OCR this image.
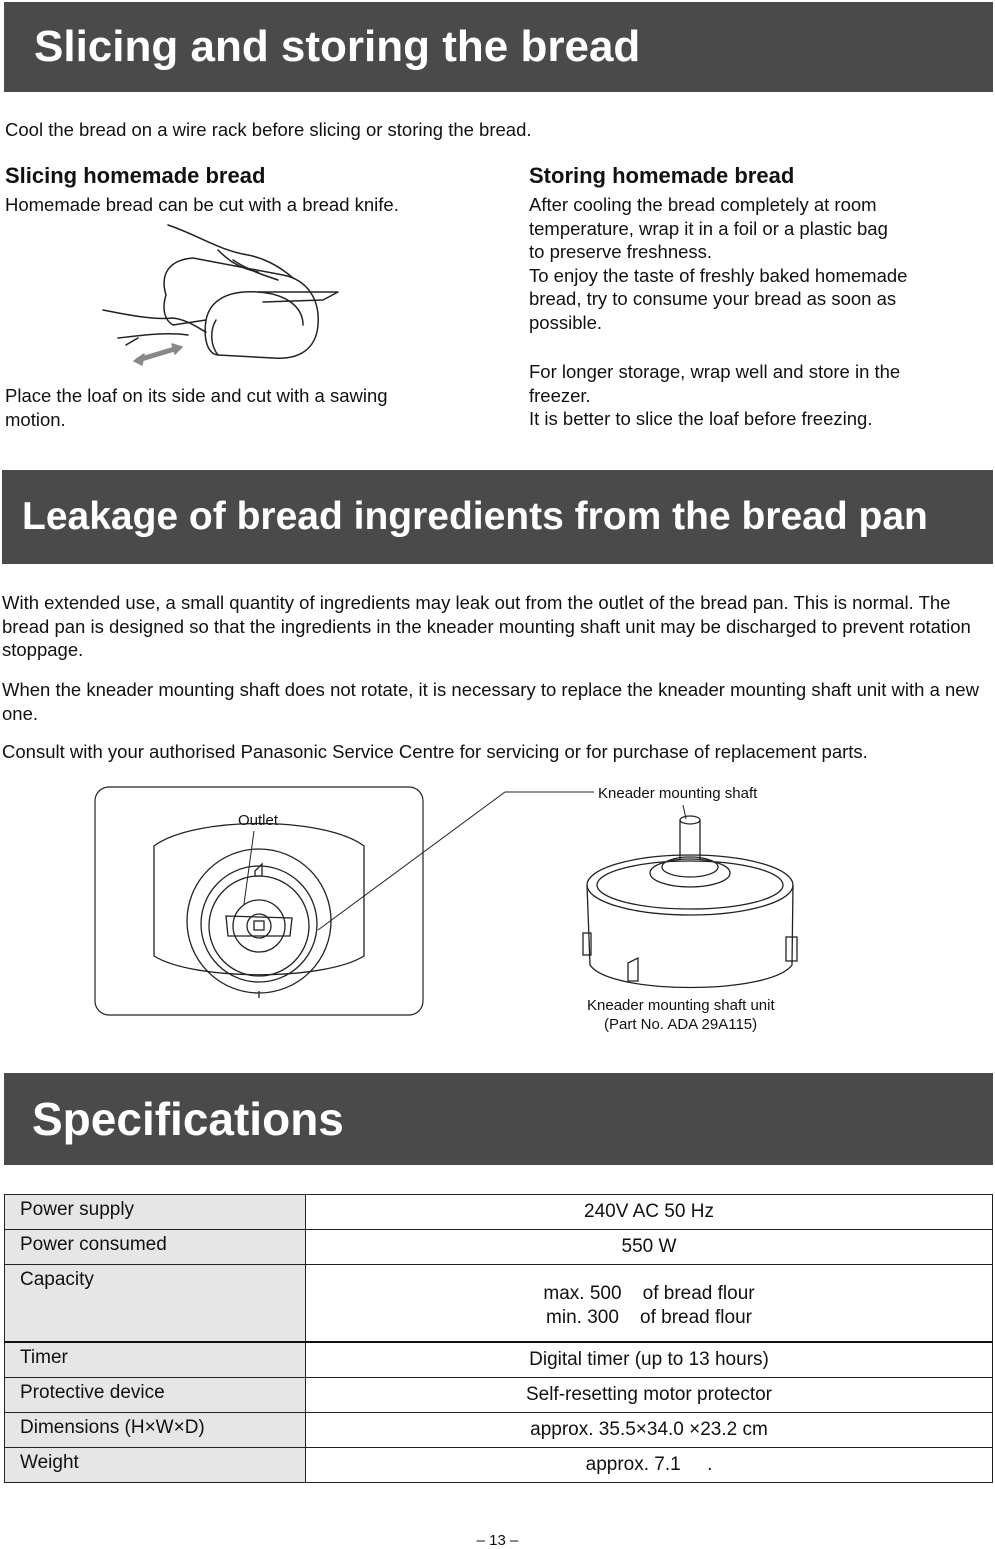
Slicing and storing the bread
Cool the bread on a wire rack before slicing or storing the bread.
Slicing homemade bread
Homemade bread can be cut with a bread knife.
Place the loaf on its side and cut with a sawing
motion.
Storing homemade bread
After cooling the bread completely at room
temperature, wrap it in a foil or a plastic bag
to preserve freshness.
To enjoy the taste of freshly baked homemade
bread, try to consume your bread as soon as
possible.
For longer storage, wrap well and store in the
freezer.
It is better to slice the loaf before freezing.
Leakage of bread ingredients from the bread pan
With extended use, a small quantity of ingredients may leak out from the outlet of the bread pan. This is normal. The bread pan is designed so that the ingredients in the kneader mounting shaft unit may be discharged to prevent rotation stoppage.
When the kneader mounting shaft does not rotate, it is necessary to replace the kneader mounting shaft unit with a new one.
Consult with your authorised Panasonic Service Centre for servicing or for purchase of replacement parts.
Outlet
Kneader mounting shaft
Kneader mounting shaft unit
(Part No. ADA 29A115)
Specifications
Power supply	240V AC 50 Hz
Power consumed	550 W
Capacity	max. 500    of bread flour
min. 300    of bread flour
Timer	Digital timer (up to 13 hours)
Protective device	Self-resetting motor protector
Dimensions (H×W×D)	approx. 35.5×34.0 ×23.2 cm
Weight	approx. 7.1     .
– 13 –
